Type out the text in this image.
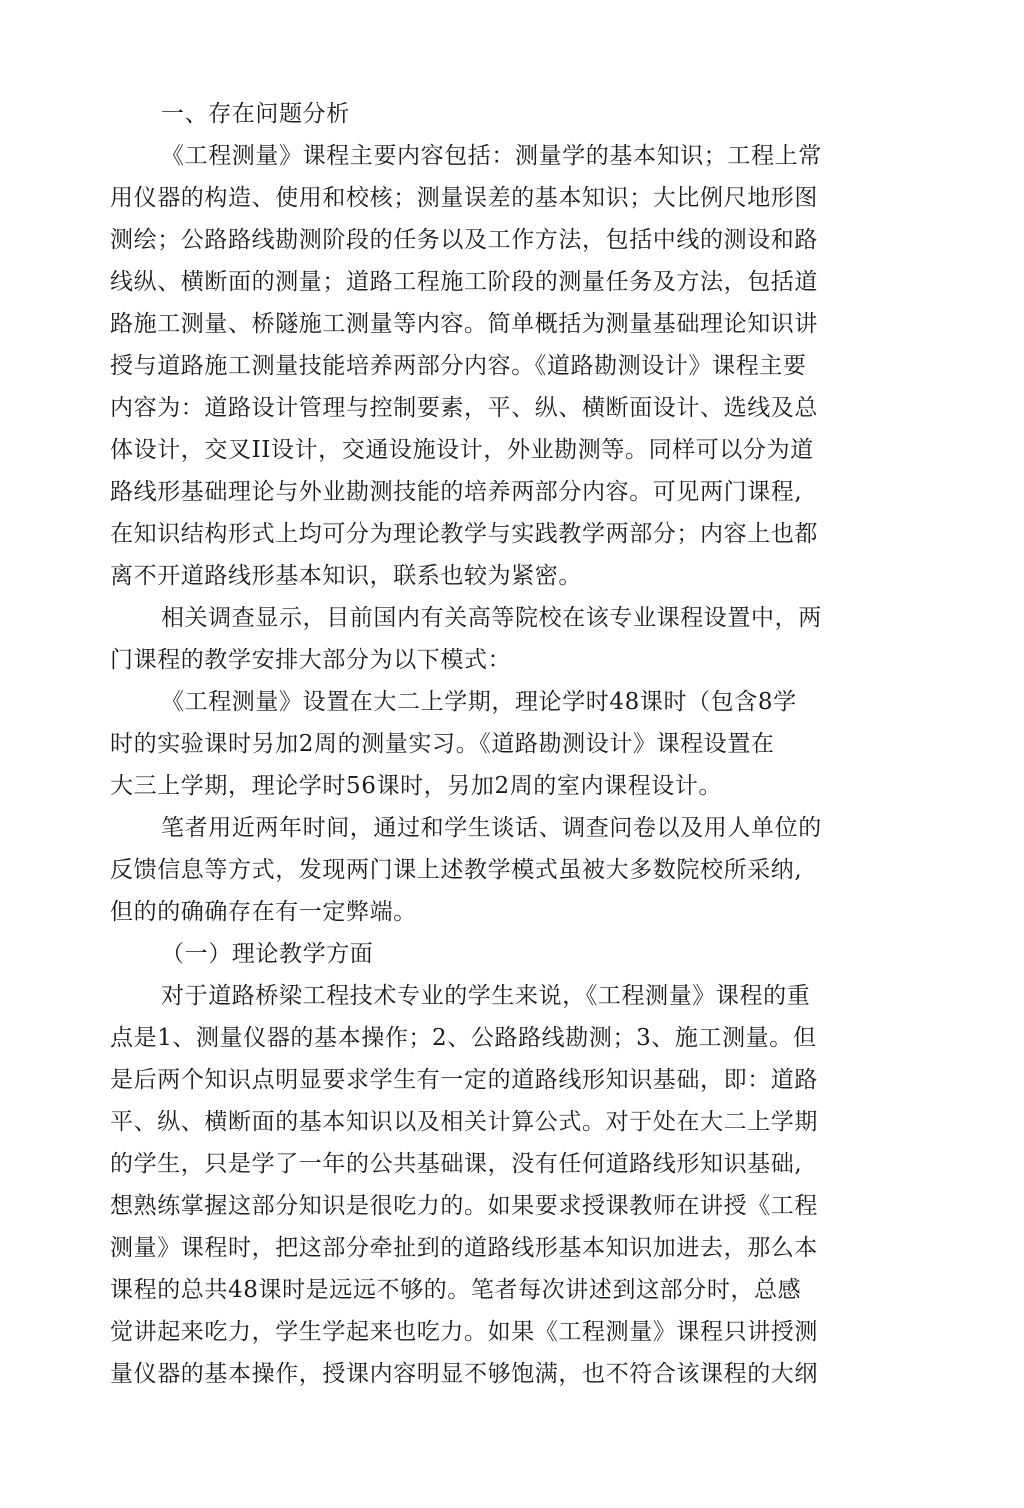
一、存在问题分析
《工程测量》课程主要内容包括：测量学的基本知识；工程上常
用仪器的构造、使用和校核；测量误差的基本知识；大比例尺地形图
测绘；公路路线勘测阶段的任务以及工作方法，包括中线的测设和路
线纵、横断面的测量；道路工程施工阶段的测量任务及方法，包括道
路施工测量、桥隧施工测量等内容。简单概括为测量基础理论知识讲
授与道路施工测量技能培养两部分内容。《道路勘测设计》课程主要
内容为：道路设计管理与控制要素，平、纵、横断面设计、选线及总
体设计，交叉II设计，交通设施设计，外业勘测等。同样可以分为道
路线形基础理论与外业勘测技能的培养两部分内容。可见两门课程,
在知识结构形式上均可分为理论教学与实践教学两部分；内容上也都
离不开道路线形基本知识，联系也较为紧密。
相关调查显示，目前国内有关高等院校在该专业课程设置中，两
门课程的教学安排大部分为以下模式：
《工程测量》设置在大二上学期，理论学时48课时（包含8学
时的实验课时另加2周的测量实习。《道路勘测设计》课程设置在
大三上学期，理论学时56课时，另加2周的室内课程设计。
笔者用近两年时间，通过和学生谈话、调查问卷以及用人单位的
反馈信息等方式，发现两门课上述教学模式虽被大多数院校所采纳,
但的的确确存在有一定弊端。
（一）理论教学方面
对于道路桥梁工程技术专业的学生来说，《工程测量》课程的重
点是1、测量仪器的基本操作；2、公路路线勘测；3、施工测量。但
是后两个知识点明显要求学生有一定的道路线形知识基础，即：道路
平、纵、横断面的基本知识以及相关计算公式。对于处在大二上学期
的学生，只是学了一年的公共基础课，没有任何道路线形知识基础,
想熟练掌握这部分知识是很吃力的。如果要求授课教师在讲授《工程
测量》课程时，把这部分牵扯到的道路线形基本知识加进去，那么本
课程的总共48课时是远远不够的。笔者每次讲述到这部分时，总感
觉讲起来吃力，学生学起来也吃力。如果《工程测量》课程只讲授测
量仪器的基本操作，授课内容明显不够饱满，也不符合该课程的大纲
